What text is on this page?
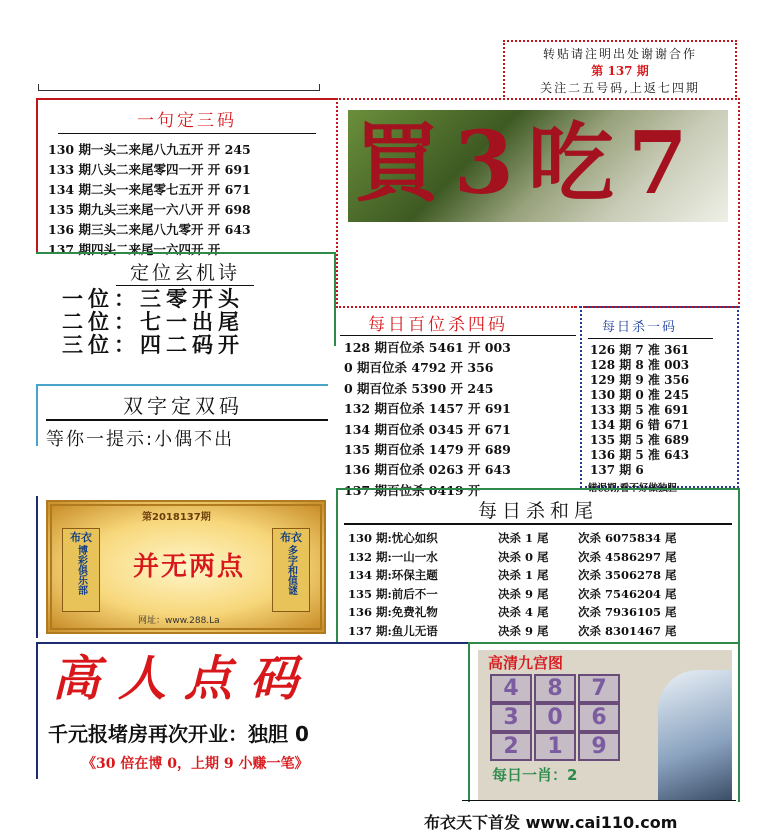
转贴请注明出处谢谢合作
第 137 期
关注二五号码,上返七四期
一句定三码
130 期一头二来尾八九五开 开 245
133 期八头二来尾零四一开 开 691
134 期二头一来尾零七五开 开 671
135 期九头三来尾一六八开 开 698
136 期三头二来尾八九零开 开 643
137 期四头二来尾一六四开 开
買3吃7
定位玄机诗
一位：三零开头
二位：七一出尾
三位：四二码开
每日百位杀四码
128 期百位杀 5461 开 003
0 期百位杀 4792 开 356
0 期百位杀 5390 开 245
132 期百位杀 1457 开 691
134 期百位杀 0345 开 671
135 期百位杀 1479 开 689
136 期百位杀 0263 开 643
137 期百位杀 0419 开
每日杀一码
126 期 7 准 361
128 期 8 准 003
129 期 9 准 356
130 期 0 准 245
133 期 5 准 691
134 期 6 错 671
135 期 5 准 689
136 期 5 准 643
137 期 6
错误期,看不好做独胆
双字定双码
等你一提示:小偶不出
第2018137期
布衣
博彩俱乐部	并无两点
布衣
多字和值谜
网址：www.288.La
每日杀和尾
130 期:忧心如织	决杀 1 尾	次杀 6075834 尾
132 期:一山一水	决杀 0 尾	次杀 4586297 尾
134 期:环保主题	决杀 1 尾	次杀 3506278 尾
135 期:前后不一	决杀 9 尾	次杀 7546204 尾
136 期:免费礼物	决杀 4 尾	次杀 7936105 尾
137 期:鱼儿无语	决杀 9 尾	次杀 8301467 尾
高人点码
千元报堵房再次开业：独胆 0
《30 倍在博 0，上期 9 小赚一笔》
高清九宫图
4	8	7
3	0	6
2	1	9
每日一肖：2
布衣天下首发 www.cai110.com
